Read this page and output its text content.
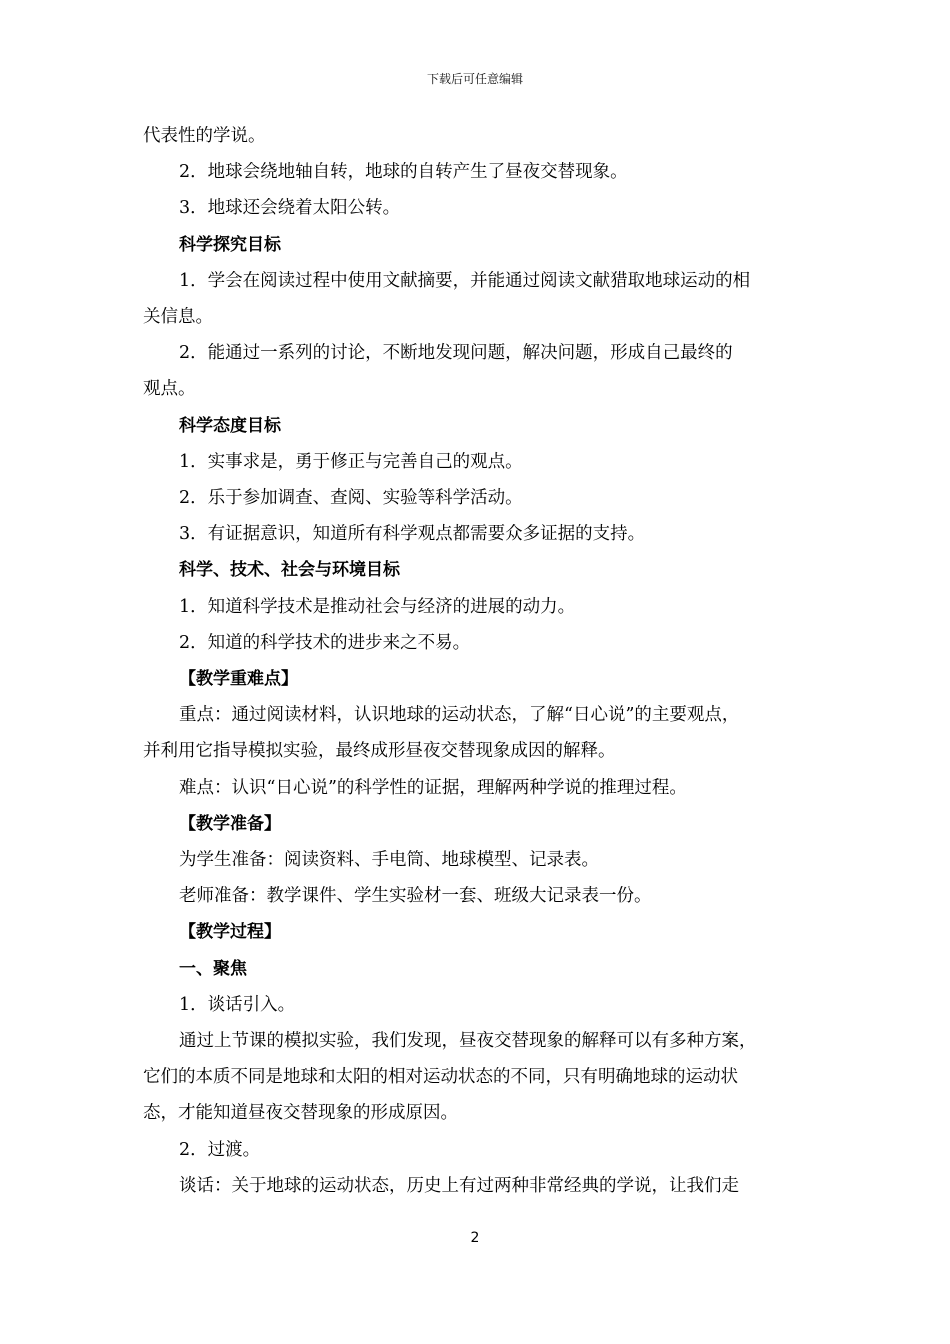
下载后可任意编辑
代表性的学说。
2．地球会绕地轴自转，地球的自转产生了昼夜交替现象。
3．地球还会绕着太阳公转。
科学探究目标
1．学会在阅读过程中使用文献摘要，并能通过阅读文献猎取地球运动的相
关信息。
2．能通过一系列的讨论，不断地发现问题，解决问题，形成自己最终的
观点。
科学态度目标
1．实事求是，勇于修正与完善自己的观点。
2．乐于参加调查、查阅、实验等科学活动。
3．有证据意识，知道所有科学观点都需要众多证据的支持。
科学、技术、社会与环境目标
1．知道科学技术是推动社会与经济的进展的动力。
2．知道的科学技术的进步来之不易。
【教学重难点】
重点：通过阅读材料，认识地球的运动状态，了解“日心说”的主要观点，
并利用它指导模拟实验，最终成形昼夜交替现象成因的解释。
难点：认识“日心说”的科学性的证据，理解两种学说的推理过程。
【教学准备】
为学生准备：阅读资料、手电筒、地球模型、记录表。
老师准备：教学课件、学生实验材一套、班级大记录表一份。
【教学过程】
一、聚焦
1．谈话引入。
通过上节课的模拟实验，我们发现，昼夜交替现象的解释可以有多种方案，
它们的本质不同是地球和太阳的相对运动状态的不同，只有明确地球的运动状
态，才能知道昼夜交替现象的形成原因。
2．过渡。
谈话：关于地球的运动状态，历史上有过两种非常经典的学说，让我们走
2
